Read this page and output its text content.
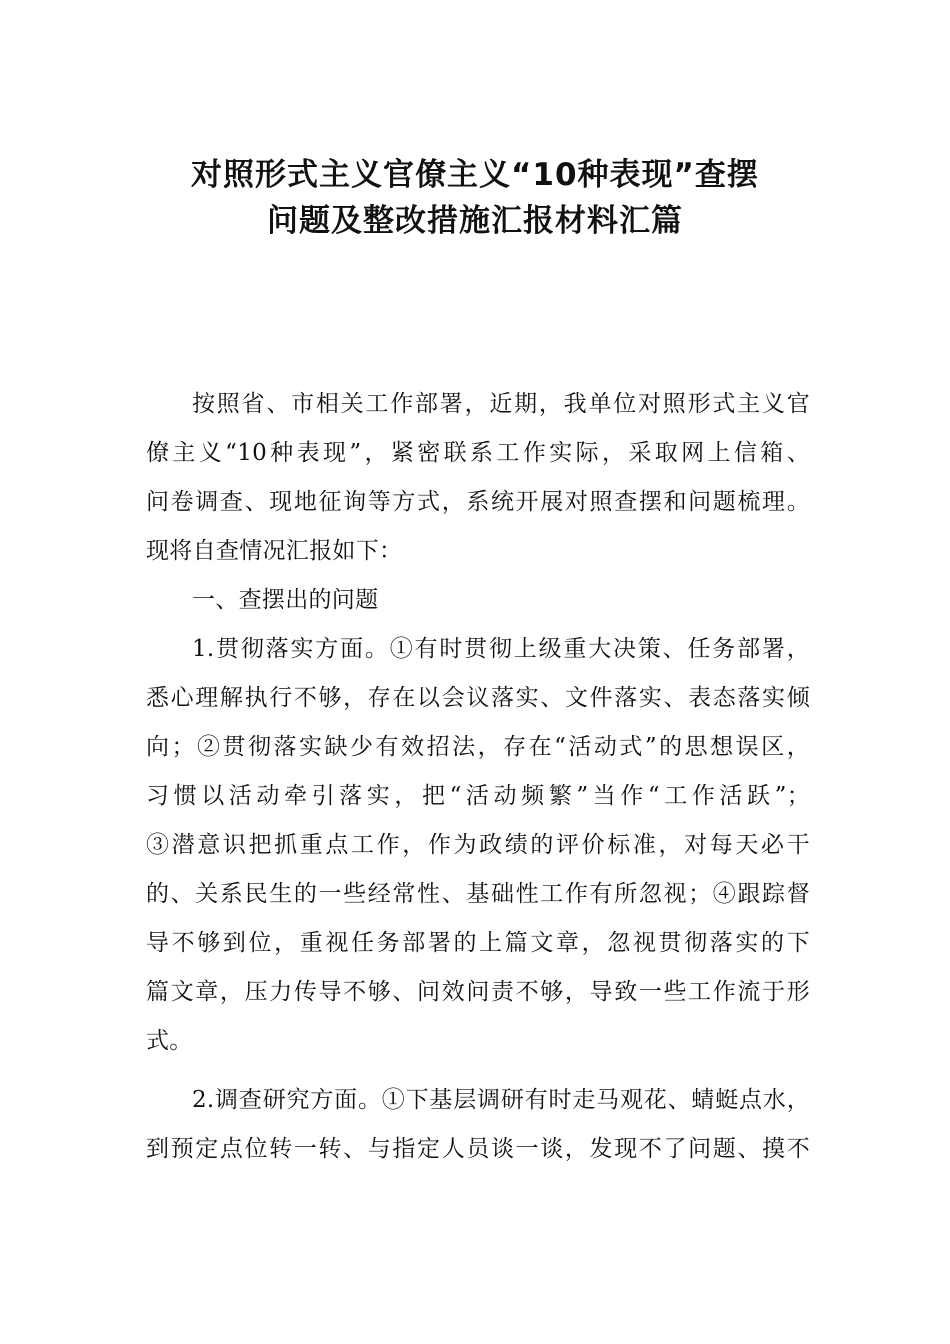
对照形式主义官僚主义“10种表现”查摆
问题及整改措施汇报材料汇篇
按照省、市相关工作部署，近期，我单位对照形式主义官
僚主义“10种表现”，紧密联系工作实际，采取网上信箱、
问卷调查、现地征询等方式，系统开展对照查摆和问题梳理。
现将自查情况汇报如下：
一、查摆出的问题
1.贯彻落实方面。①有时贯彻上级重大决策、任务部署，
悉心理解执行不够，存在以会议落实、文件落实、表态落实倾
向；②贯彻落实缺少有效招法，存在“活动式”的思想误区，
习惯以活动牵引落实，把“活动频繁”当作“工作活跃”；
③潜意识把抓重点工作，作为政绩的评价标准，对每天必干
的、关系民生的一些经常性、基础性工作有所忽视；④跟踪督
导不够到位，重视任务部署的上篇文章，忽视贯彻落实的下
篇文章，压力传导不够、问效问责不够，导致一些工作流于形
式。
2.调查研究方面。①下基层调研有时走马观花、蜻蜓点水，
到预定点位转一转、与指定人员谈一谈，发现不了问题、摸不
